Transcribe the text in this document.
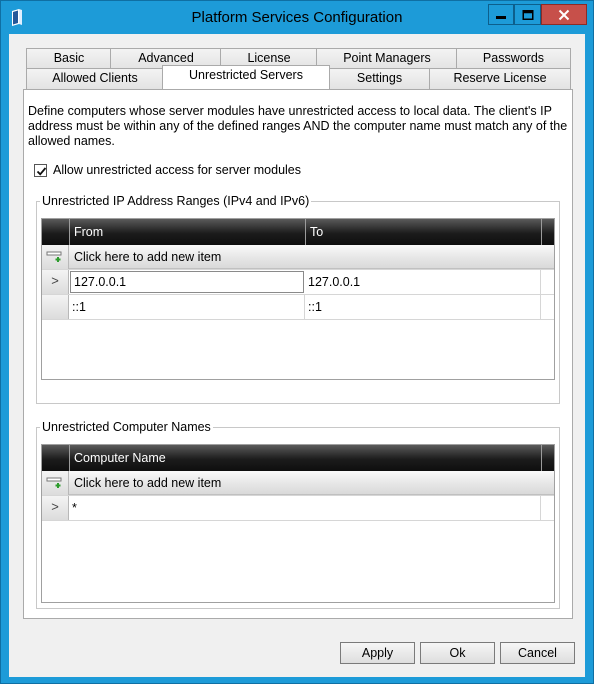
Platform Services Configuration
Basic	Advanced	License	Point Managers	Passwords
Allowed Clients	Unrestricted Servers	Settings	Reserve License
Define computers whose server modules have unrestricted access to local data. The client's IP address must be within any of the defined ranges AND the computer name must match any of the allowed names.
Allow unrestricted access for server modules
Unrestricted IP Address Ranges (IPv4 and IPv6)
From	To
Click here to add new item
>	127.0.0.1	127.0.0.1
::1	::1
Unrestricted Computer Names
Computer Name
Click here to add new item
>	*
Apply	Ok	Cancel
